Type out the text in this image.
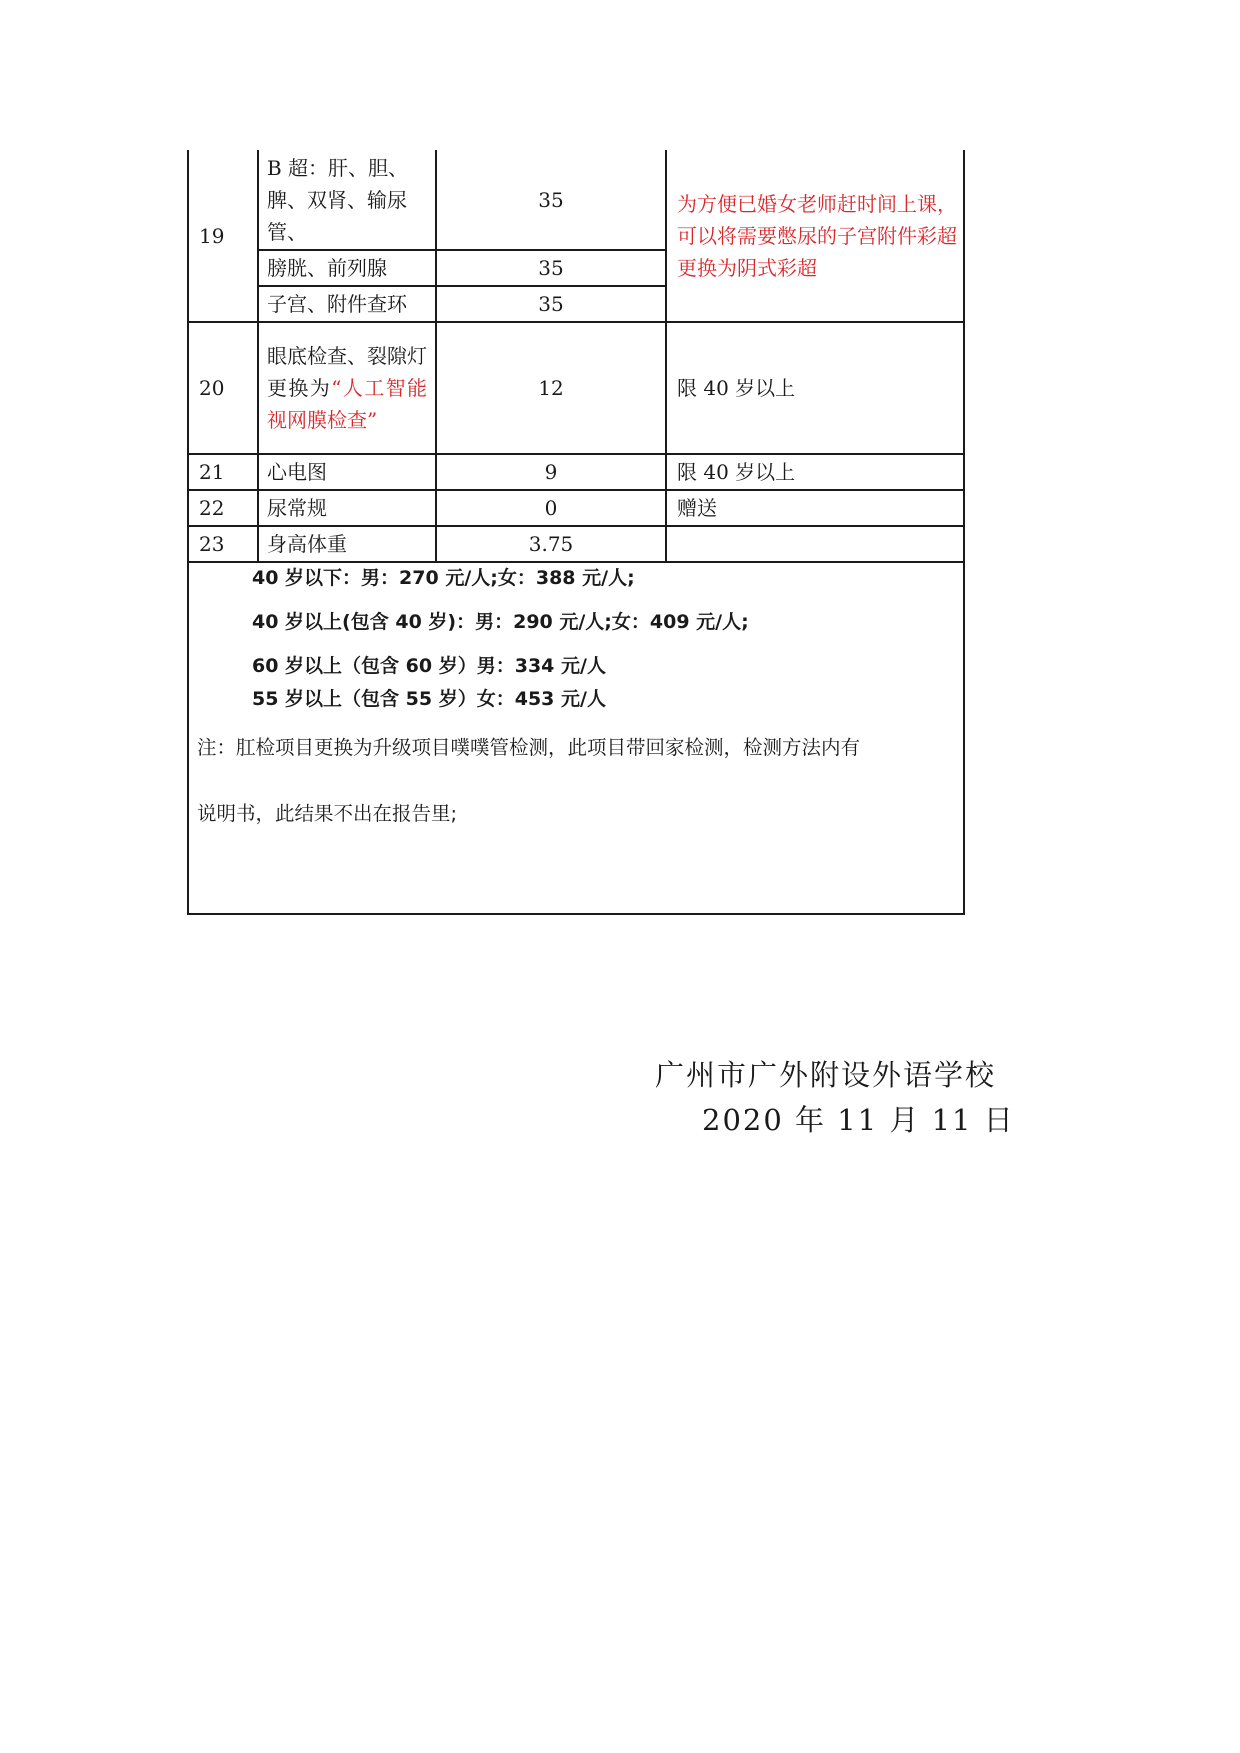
19	B 超：肝、胆、脾、双肾、输尿管、	35	为方便已婚女老师赶时间上课，可以将需要憋尿的子宫附件彩超更换为阴式彩超
	膀胱、前列腺	35	
	子宫、附件查环	35	
20	眼底检查、裂隙灯更换为“人工智能视网膜检查”	12	限 40 岁以上
21	心电图	9	限 40 岁以上
22	尿常规	0	赠送
23	身高体重	3.75	

40 岁以下：男：270 元/人;女：388 元/人;
40 岁以上(包含 40 岁)：男：290 元/人;女：409 元/人;
60 岁以上（包含 60 岁）男：334 元/人
55 岁以上（包含 55 岁）女：453 元/人
注：肛检项目更换为升级项目噗噗管检测，此项目带回家检测，检测方法内有
说明书，此结果不出在报告里;
广州市广外附设外语学校
2020 年 11 月 11 日
